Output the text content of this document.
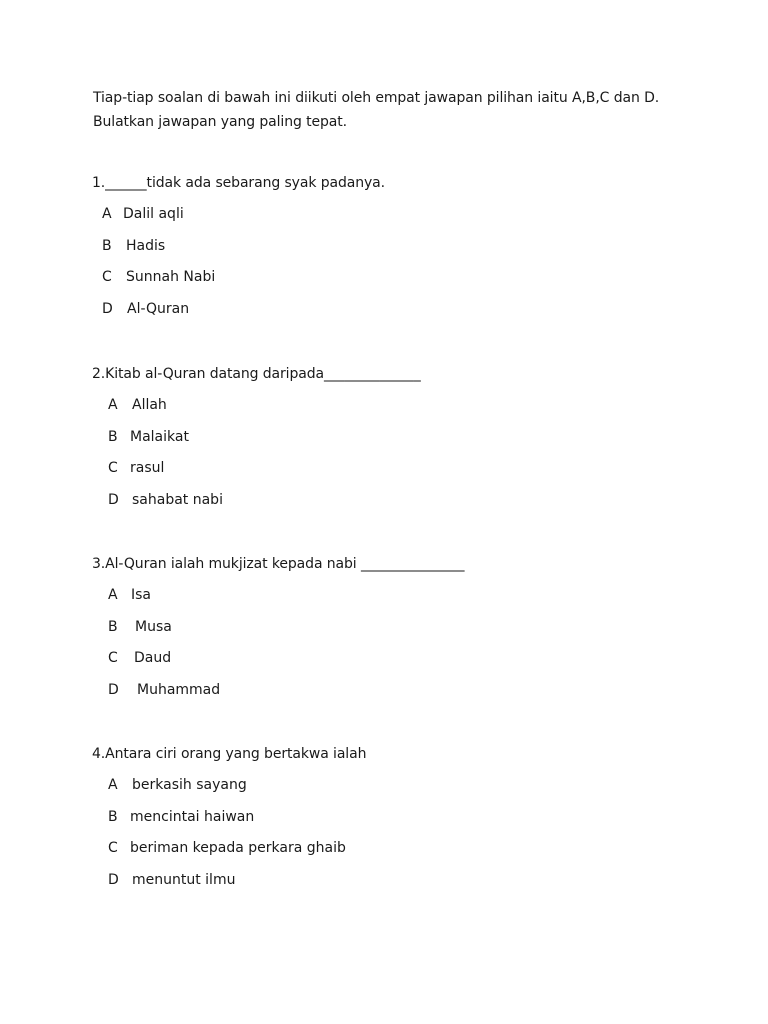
Tiap-tiap soalan di bawah ini diikuti oleh empat jawapan pilihan iaitu A,B,C dan D.

Bulatkan jawapan yang paling tepat.

1.______tidak ada sebarang syak padanya.

A Dalil aqli
B Hadis
C Sunnah Nabi
D Al-Quran

2.Kitab al-Quran datang daripada______________

A Allah
B Malaikat
C rasul
D sahabat nabi

3.Al-Quran ialah mukjizat kepada nabi _______________

A Isa
B Musa
C Daud
D Muhammad

4.Antara ciri orang yang bertakwa ialah

A berkasih sayang
B mencintai haiwan
C beriman kepada perkara ghaib
D menuntut ilmu
